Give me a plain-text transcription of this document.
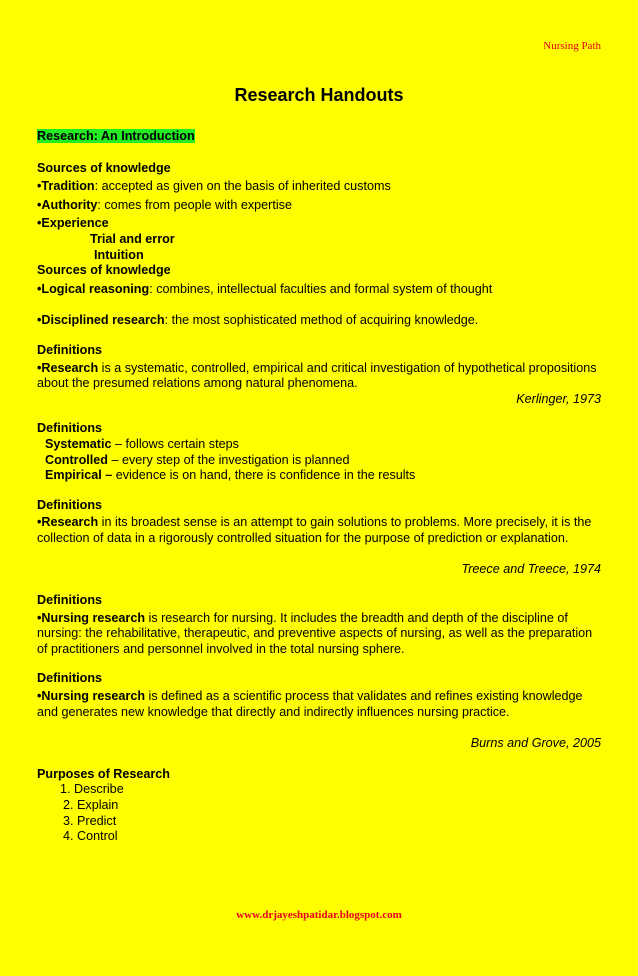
Nursing Path
Research Handouts

Research: An Introduction

Sources of knowledge

•Tradition: accepted as given on the basis of inherited customs

•Authority: comes from people with expertise

•Experience

Trial and error

Intuition

Sources of knowledge

•Logical reasoning: combines, intellectual faculties and formal system of thought

•Disciplined research: the most sophisticated method of acquiring knowledge.

Definitions

•Research is a systematic, controlled, empirical and critical investigation of hypothetical propositions about the presumed relations among natural phenomena.

Kerlinger, 1973

Definitions

Systematic – follows certain steps

Controlled – every step of the investigation is planned

Empirical – evidence is on hand, there is confidence in the results

Definitions

•Research in its broadest sense is an attempt to gain solutions to problems. More precisely, it is the collection of data in a rigorously controlled situation for the purpose of prediction or explanation.

Treece and Treece, 1974

Definitions

•Nursing research is research for nursing. It includes the breadth and depth of the discipline of nursing: the rehabilitative, therapeutic, and preventive aspects of nursing, as well as the preparation of practitioners and personnel involved in the total nursing sphere.

Definitions

•Nursing research is defined as a scientific process that validates and refines existing knowledge and generates new knowledge that directly and indirectly influences nursing practice.

Burns and Grove, 2005

Purposes of Research

1. Describe

2. Explain

3. Predict

4. Control

www.drjayeshpatidar.blogspot.com
